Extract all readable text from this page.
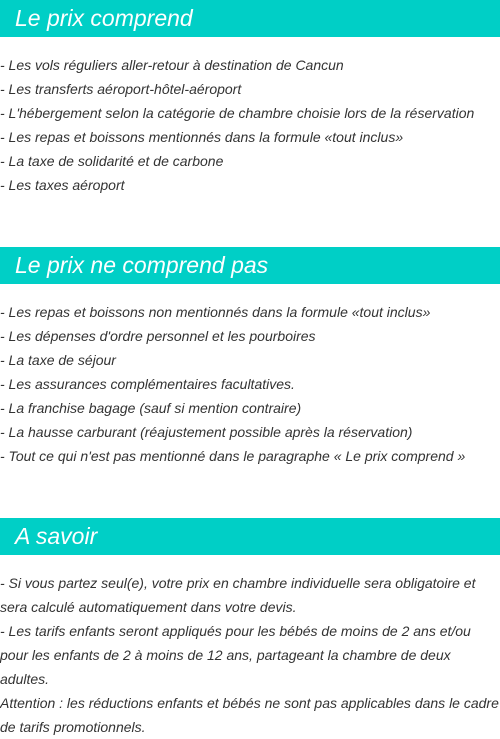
Le prix comprend
- Les vols réguliers aller-retour à destination de Cancun
- Les transferts aéroport-hôtel-aéroport
- L'hébergement selon la catégorie de chambre choisie lors de la réservation
- Les repas et boissons mentionnés dans la formule «tout inclus»
- La taxe de solidarité et de carbone
- Les taxes aéroport
Le prix ne comprend pas
- Les repas et boissons non mentionnés dans la formule «tout inclus»
- Les dépenses d'ordre personnel et les pourboires
- La taxe de séjour
- Les assurances complémentaires facultatives.
- La franchise bagage (sauf si mention contraire)
- La hausse carburant (réajustement possible après la réservation)
- Tout ce qui n'est pas mentionné dans le paragraphe « Le prix comprend »
A savoir

- Si vous partez seul(e), votre prix en chambre individuelle sera obligatoire et sera calculé automatiquement dans votre devis.

- Les tarifs enfants seront appliqués pour les bébés de moins de 2 ans et/ou pour les enfants de 2 à moins de 12 ans, partageant la chambre de deux adultes.

Attention : les réductions enfants et bébés ne sont pas applicables dans le cadre de tarifs promotionnels.
